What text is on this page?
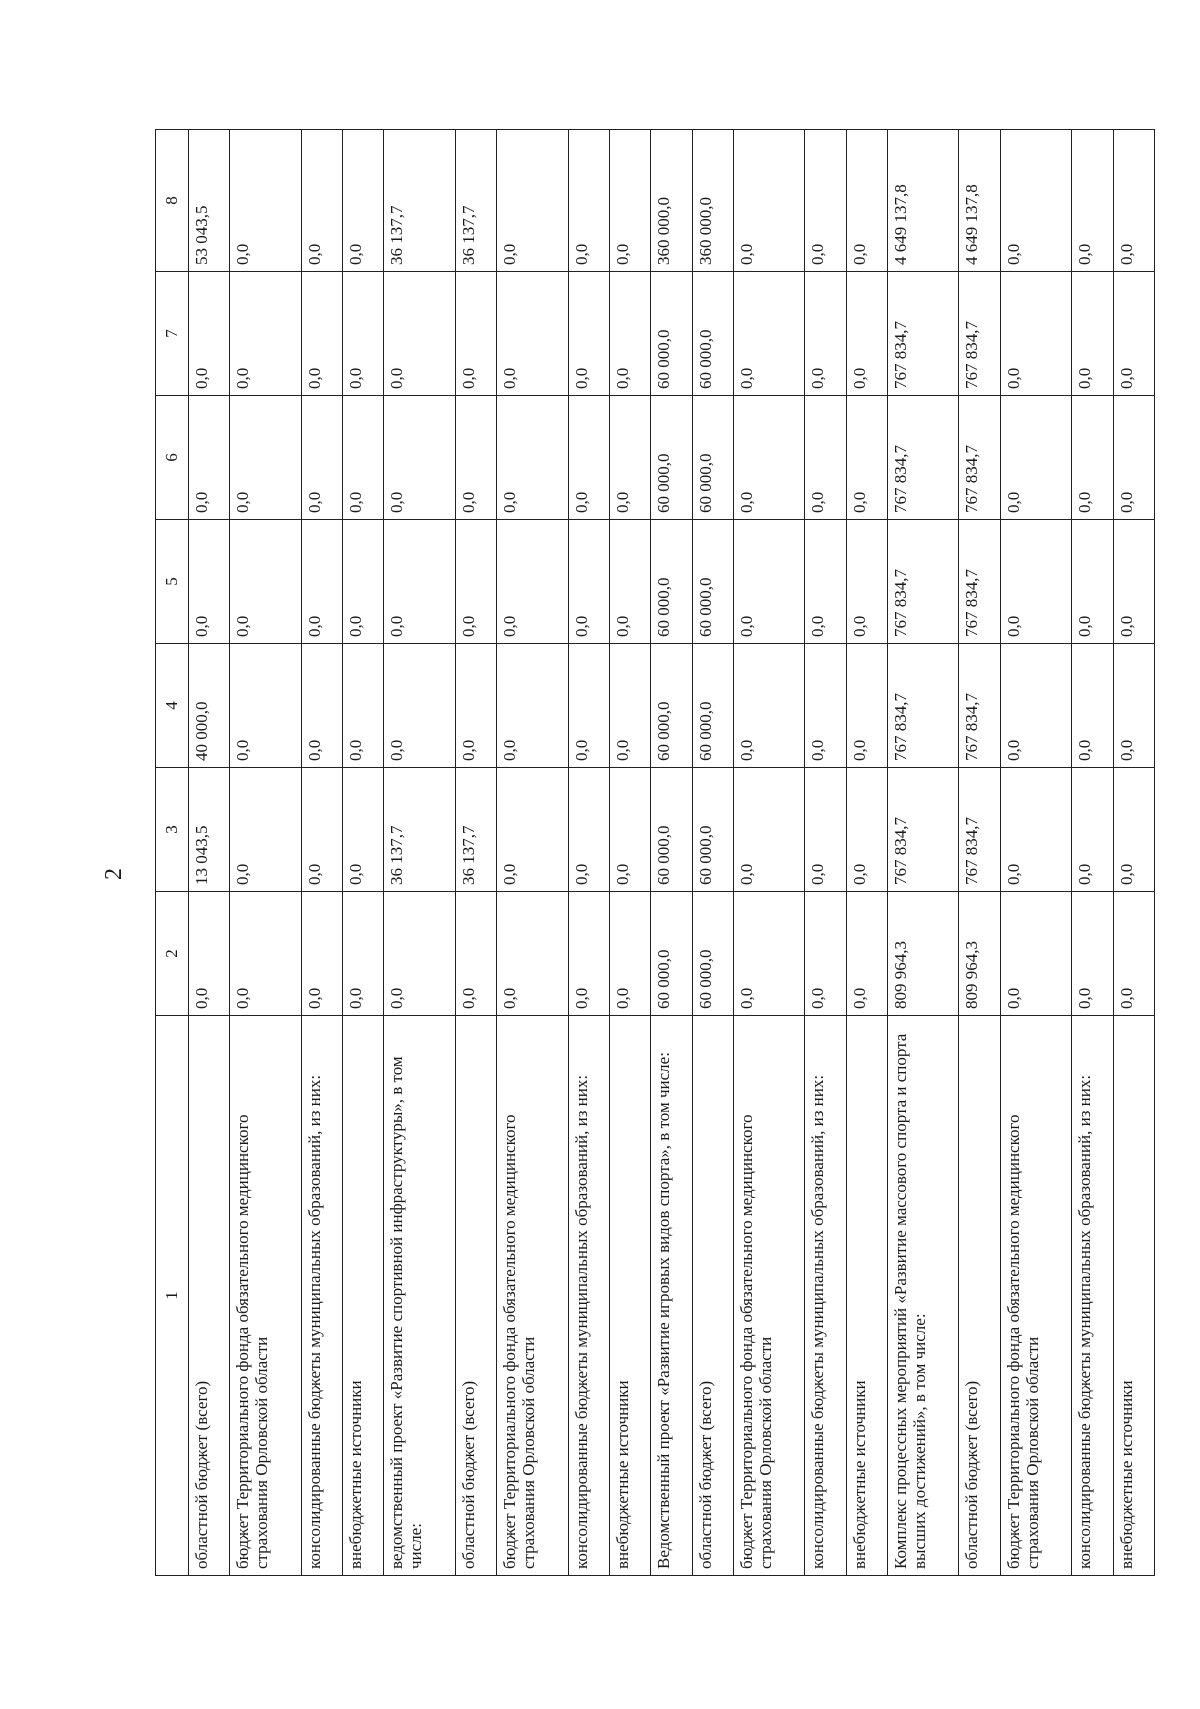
2
1	2	3	4	5	6	7	8
областной бюджет (всего)	0,0	13 043,5	40 000,0	0,0	0,0	0,0	53 043,5
бюджет Территориального фонда обязательного медицинского страхования Орловской области	0,0	0,0	0,0	0,0	0,0	0,0	0,0
консолидированные бюджеты муниципальных образований, из них:	0,0	0,0	0,0	0,0	0,0	0,0	0,0
внебюджетные источники	0,0	0,0	0,0	0,0	0,0	0,0	0,0
ведомственный проект «Развитие спортивной инфраструктуры», в том числе:	0,0	36 137,7	0,0	0,0	0,0	0,0	36 137,7
областной бюджет (всего)	0,0	36 137,7	0,0	0,0	0,0	0,0	36 137,7
бюджет Территориального фонда обязательного медицинского страхования Орловской области	0,0	0,0	0,0	0,0	0,0	0,0	0,0
консолидированные бюджеты муниципальных образований, из них:	0,0	0,0	0,0	0,0	0,0	0,0	0,0
внебюджетные источники	0,0	0,0	0,0	0,0	0,0	0,0	0,0
Ведомственный проект «Развитие игровых видов спорта», в том числе:	60 000,0	60 000,0	60 000,0	60 000,0	60 000,0	60 000,0	360 000,0
областной бюджет (всего)	60 000,0	60 000,0	60 000,0	60 000,0	60 000,0	60 000,0	360 000,0
бюджет Территориального фонда обязательного медицинского страхования Орловской области	0,0	0,0	0,0	0,0	0,0	0,0	0,0
консолидированные бюджеты муниципальных образований, из них:	0,0	0,0	0,0	0,0	0,0	0,0	0,0
внебюджетные источники	0,0	0,0	0,0	0,0	0,0	0,0	0,0
Комплекс процессных мероприятий «Развитие массового спорта и спорта высших достижений», в том числе:	809 964,3	767 834,7	767 834,7	767 834,7	767 834,7	767 834,7	4 649 137,8
областной бюджет (всего)	809 964,3	767 834,7	767 834,7	767 834,7	767 834,7	767 834,7	4 649 137,8
бюджет Территориального фонда обязательного медицинского страхования Орловской области	0,0	0,0	0,0	0,0	0,0	0,0	0,0
консолидированные бюджеты муниципальных образований, из них:	0,0	0,0	0,0	0,0	0,0	0,0	0,0
внебюджетные источники	0,0	0,0	0,0	0,0	0,0	0,0	0,0
